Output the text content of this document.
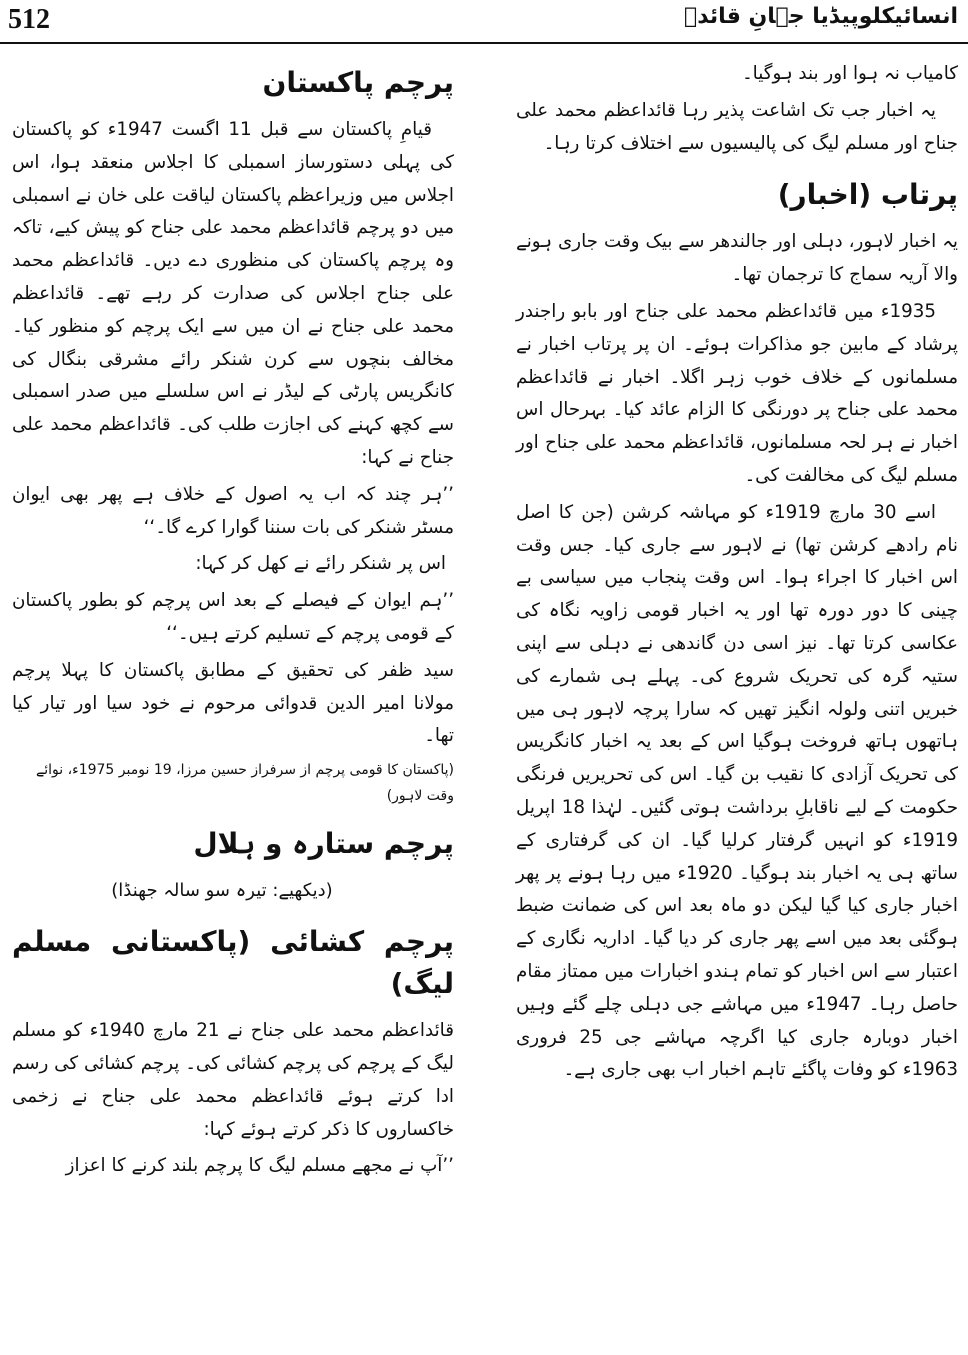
512	انسائیکلوپیڈیا جہانِ قائدؒ

کامیاب نہ ہوا اور بند ہوگیا۔

یہ اخبار جب تک اشاعت پذیر رہا قائداعظم محمد علی جناح اور مسلم لیگ کی پالیسیوں سے اختلاف کرتا رہا۔

پرتاب (اخبار)

یہ اخبار لاہور، دہلی اور جالندھر سے بیک وقت جاری ہونے والا آریہ سماج کا ترجمان تھا۔

1935ء میں قائداعظم محمد علی جناح اور بابو راجندر پرشاد کے مابین جو مذاکرات ہوئے۔ ان پر پرتاب اخبار نے مسلمانوں کے خلاف خوب زہر اگلا۔ اخبار نے قائداعظم محمد علی جناح پر دورنگی کا الزام عائد کیا۔ بہرحال اس اخبار نے ہر لحہ مسلمانوں، قائداعظم محمد علی جناح اور مسلم لیگ کی مخالفت کی۔

اسے 30 مارچ 1919ء کو مہاشہ کرشن (جن کا اصل نام رادھے کرشن تھا) نے لاہور سے جاری کیا۔ جس وقت اس اخبار کا اجراء ہوا۔ اس وقت پنجاب میں سیاسی بے چینی کا دور دورہ تھا اور یہ اخبار قومی زاویہ نگاہ کی عکاسی کرتا تھا۔ نیز اسی دن گاندھی نے دہلی سے اپنی ستیہ گرہ کی تحریک شروع کی۔ پہلے ہی شمارے کی خبریں اتنی ولولہ انگیز تھیں کہ سارا پرچہ لاہور ہی میں ہاتھوں ہاتھ فروخت ہوگیا اس کے بعد یہ اخبار کانگریس کی تحریک آزادی کا نقیب بن گیا۔ اس کی تحریریں فرنگی حکومت کے لیے ناقابلِ برداشت ہوتی گئیں۔ لہٰذا 18 اپریل 1919ء کو انہیں گرفتار کرلیا گیا۔ ان کی گرفتاری کے ساتھ ہی یہ اخبار بند ہوگیا۔ 1920ء میں رہا ہونے پر پھر اخبار جاری کیا گیا لیکن دو ماہ بعد اس کی ضمانت ضبط ہوگئی بعد میں اسے پھر جاری کر دیا گیا۔ اداریہ نگاری کے اعتبار سے اس اخبار کو تمام ہندو اخبارات میں ممتاز مقام حاصل رہا۔ 1947ء میں مہاشے جی دہلی چلے گئے وہیں اخبار دوبارہ جاری کیا اگرچہ مہاشے جی 25 فروری 1963ء کو وفات پاگئے تاہم اخبار اب بھی جاری ہے۔

پرچم پاکستان

قیامِ پاکستان سے قبل 11 اگست 1947ء کو پاکستان کی پہلی دستورساز اسمبلی کا اجلاس منعقد ہوا، اس اجلاس میں وزیراعظم پاکستان لیاقت علی خان نے اسمبلی میں دو پرچم قائداعظم محمد علی جناح کو پیش کیے، تاکہ وہ پرچم پاکستان کی منظوری دے دیں۔ قائداعظم محمد علی جناح اجلاس کی صدارت کر رہے تھے۔ قائداعظم محمد علی جناح نے ان میں سے ایک پرچم کو منظور کیا۔ مخالف بنچوں سے کرن شنکر رائے مشرقی بنگال کی کانگریس پارٹی کے لیڈر نے اس سلسلے میں صدر اسمبلی سے کچھ کہنے کی اجازت طلب کی۔ قائداعظم محمد علی جناح نے کہا:

’’ہر چند کہ اب یہ اصول کے خلاف ہے پھر بھی ایوان مسٹر شنکر کی بات سننا گوارا کرے گا۔‘‘

اس پر شنکر رائے نے کھل کر کہا:

’’ہم ایوان کے فیصلے کے بعد اس پرچم کو بطور پاکستان کے قومی پرچم کے تسلیم کرتے ہیں۔‘‘

سید ظفر کی تحقیق کے مطابق پاکستان کا پہلا پرچم مولانا امیر الدین قدوائی مرحوم نے خود سیا اور تیار کیا تھا۔

(پاکستان کا قومی پرچم از سرفراز حسین مرزا، 19 نومبر 1975ء، نوائے وقت لاہور)

پرچم ستارہ و ہلال

(دیکھیے: تیرہ سو سالہ جھنڈا)

پرچم کشائی (پاکستانی مسلم لیگ)

قائداعظم محمد علی جناح نے 21 مارچ 1940ء کو مسلم لیگ کے پرچم کی پرچم کشائی کی۔ پرچم کشائی کی رسم ادا کرتے ہوئے قائداعظم محمد علی جناح نے زخمی خاکساروں کا ذکر کرتے ہوئے کہا:

’’آپ نے مجھے مسلم لیگ کا پرچم بلند کرنے کا اعزاز
